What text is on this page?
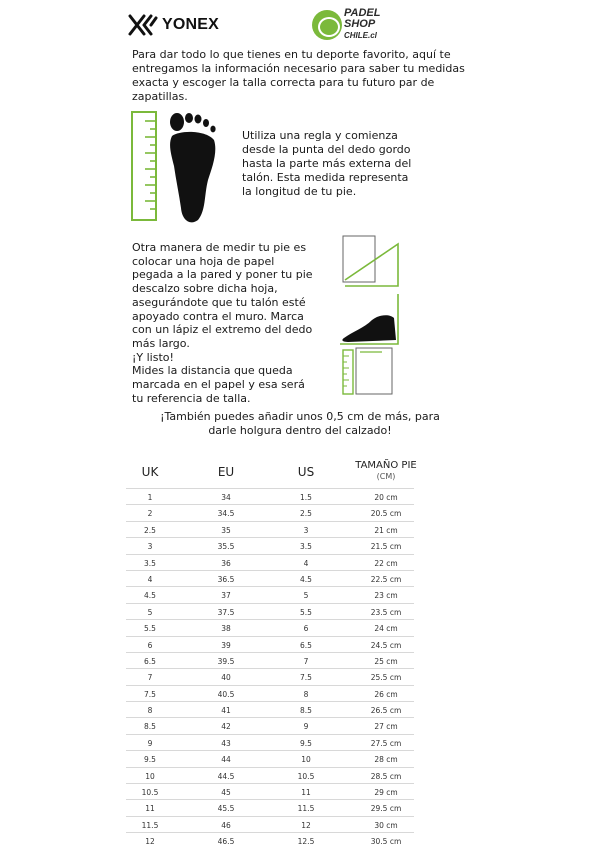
YONEX
PADEL
SHOP
CHILE.cl
Para dar todo lo que tienes en tu deporte favorito, aquí te entregamos la información necesario para saber tu medidas exacta y escoger la talla correcta para tu futuro par de zapatillas.
Utiliza una regla y comienza desde la punta del dedo gordo hasta la parte más externa del talón. Esta medida representa la longitud de tu pie.
Otra manera de medir tu pie es
colocar una hoja de papel
pegada a la pared y poner tu pie
descalzo sobre dicha hoja,
asegurándote que tu talón esté
apoyado contra el muro. Marca
con un lápiz el extremo del dedo
más largo.
¡Y listo!
Mides la distancia que queda
marcada en el papel y esa será
tu referencia de talla.
¡También puedes añadir unos 0,5 cm de más, para
darle holgura dentro del calzado!
UK	EU	US	TAMAÑO PIE
(CM)
1	34	1.5	20 cm
2	34.5	2.5	20.5 cm
2.5	35	3	21 cm
3	35.5	3.5	21.5 cm
3.5	36	4	22 cm
4	36.5	4.5	22.5 cm
4.5	37	5	23 cm
5	37.5	5.5	23.5 cm
5.5	38	6	24 cm
6	39	6.5	24.5 cm
6.5	39.5	7	25 cm
7	40	7.5	25.5 cm
7.5	40.5	8	26 cm
8	41	8.5	26.5 cm
8.5	42	9	27 cm
9	43	9.5	27.5 cm
9.5	44	10	28 cm
10	44.5	10.5	28.5 cm
10.5	45	11	29 cm
11	45.5	11.5	29.5 cm
11.5	46	12	30 cm
12	46.5	12.5	30.5 cm
